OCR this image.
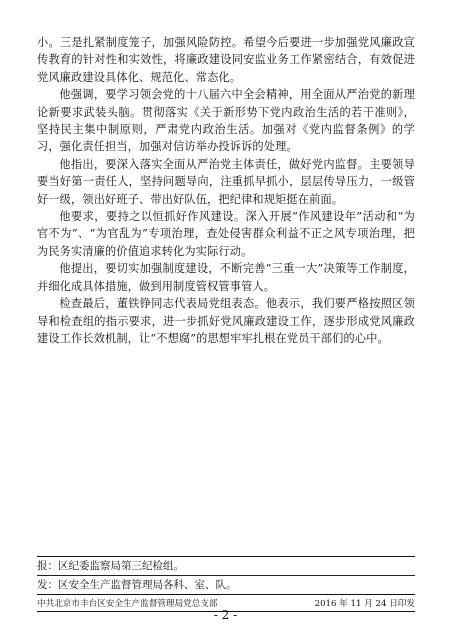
小。三是扎紧制度笼子，加强风险防控。希望今后要进一步加强党风廉政宣传教育的针对性和实效性，将廉政建设同安监业务工作紧密结合，有效促进党风廉政建设具体化、规范化、常态化。

他强调，要学习领会党的十八届六中全会精神，用全面从严治党的新理论新要求武装头脑。贯彻落实《关于新形势下党内政治生活的若干准则》，坚持民主集中制原则，严肃党内政治生活。加强对《党内监督条例》的学习，强化责任担当，加强对信访举办投诉诉的处理。

他指出，要深入落实全面从严治党主体责任，做好党内监督。主要领导要当好第一责任人，坚持问题导向，注重抓早抓小，层层传导压力，一级管好一级，领出好班子、带出好队伍，把纪律和规矩挺在前面。

他要求，要持之以恒抓好作风建设。深入开展“作风建设年”活动和“为官不为”、“为官乱为”专项治理，查处侵害群众利益不正之风专项治理，把为民务实清廉的价值追求转化为实际行动。

他提出，要切实加强制度建设，不断完善“三重一大”决策等工作制度，并细化成具体措施，做到用制度管权管事管人。

检查最后，董铁铮同志代表局党组表态。他表示，我们要严格按照区领导和检查组的指示要求，进一步抓好党风廉政建设工作，逐步形成党风廉政建设工作长效机制，让“不想腐”的思想牢牢扎根在党员干部们的心中。

报：区纪委监察局第三纪检组。
发：区安全生产监督管理局各科、室、队。
中共北京市丰台区安全生产监督管理局党总支部	2016 年 11 月 24 日印发
- 2 -
